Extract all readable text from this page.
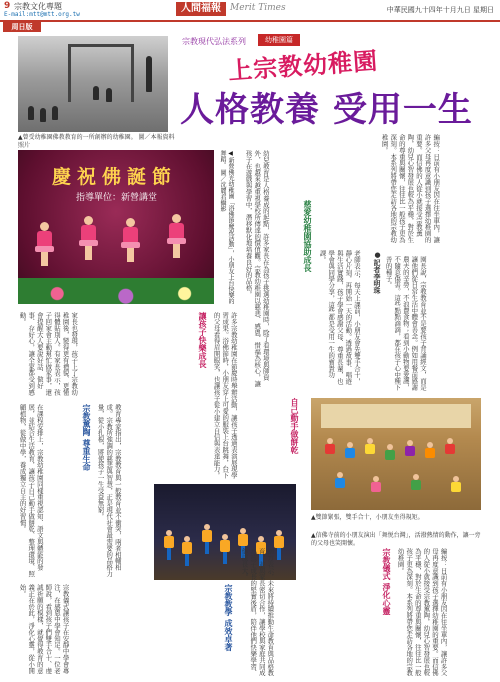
9 宗教文化專題
E-mail:mtt@mtt.org.tw
人間福報	Merit Times	中華民國九十四年十月九日 星期日
周日版
▲曾受幼稚園佛教教育的一所創辦的幼稚園。 圖／本報資料照片
宗教現代弘法系列	幼稚園篇
上宗教幼稚園
人格教養 受用一生
編按：日前有小朋友因在往坐車內，讓許多父母再度意識到孩子選擇幼稚園的重要。而信佛的人從小就接受宗教薰陶，幼兒心智發展也較為平穩，對於生命的尊重與關懷，往往比一般孩子更為深刻。本系列將帶您走訪各地的宗教幼稚園。
慶祝佛誕節
指導單位：新營講堂	◀新營佛光幼稚園「浴佛節慶祝活動」，小朋友上台快樂的舞蹈。 圖／沈麗君攝影
●記者李明珠
幼兒教育是人格養成的起點，許多家長在為孩子挑選幼稚園時，除了看環境與師資外，也越來越重視學校所傳達的價值觀。宗教幼稚園以慈悲、感恩、惜福為核心，讓孩子在遊戲與學習中，潛移默化地培養良好的品格。	慈愛幼稚園協助成長
老師表示，每天上課前，小朋友會先雙手合十，靜心片刻，再開始一天的活動。透過故事、唱遊與生活實踐，孩子學會感謝父母、尊重長輩，也學會與同學分享，這些都是受用一生的寶貴功課。	園長說，宗教教育並不是要孩子背誦經文，而是讓他們從日常生活中體會善念。例如用餐前感謝農夫的辛勞，不浪費食物；看到小動物要愛護，不隨意傷害。這些點點滴滴，都在孩子心中種下善的種子。
讓孩子快樂成長
家長也發現，孩子上了宗教幼稚園後，變得更有禮貌、更懂得體貼別人。有家長表示，孩子回家會主動幫忙做家事，還會提醒大人要說好話、做好事、存好心，讓全家都受到感動。	許多宗教幼稚園在節慶時舉辦活動，讓孩子透過表演展現學習成果。浴佛節時，小朋友穿上可愛的服裝上台跳舞，台下的父母看得眉開眼笑，也讓孩子從小建立自信與表達能力。
宗教薰陶 尊重生命
在課程安排上，宗教幼稚園同樣重視認知、語文與體能的發展，並結合生活教育，讓孩子自己動手做餅乾、整理環境、照顧植物，從做中學，養成獨立自主的好習慣。	教育專家指出，宗教教育與一般教育並不衝突，兩者相輔相成。宗教所強調的慈悲與智慧，正是現代社會最需要的品格力量，從小扎根，將使孩子一生受益無窮。	自己動手做餅乾
▲雙節緊張，雙手合十，小朋友坐得規矩。
▲信佛寺前的小朋友演出「舞悦台灣」，活潑熱情的動作，讓一旁的父母也笑開懷。
宗教教學 成效卓著
宗教儀式讓孩子在安靜中學會專注，在感恩中學會知足。一位老師說，看到孩子們雙手合十、虔誠祈願的模樣，就覺得教育的意義正在於此，淨化心靈，從小開始。	宗教儀式 淨化心靈
園方表示，未來將持續推動生命教育與品格教育，並與家長密切合作，讓學校與家庭共同成為孩子成長的堅實後盾，陪伴他們快樂學習、健康長大。	編按：日前有小朋友因在往坐車內，讓許多父母再度意識到孩子選擇幼稚園的重要。而信佛的人從小就接受宗教薰陶，幼兒心智發展也較為平穩，對於生命的尊重與關懷，往往比一般孩子更為深刻。本系列將帶您走訪各地的宗教幼稚園。
